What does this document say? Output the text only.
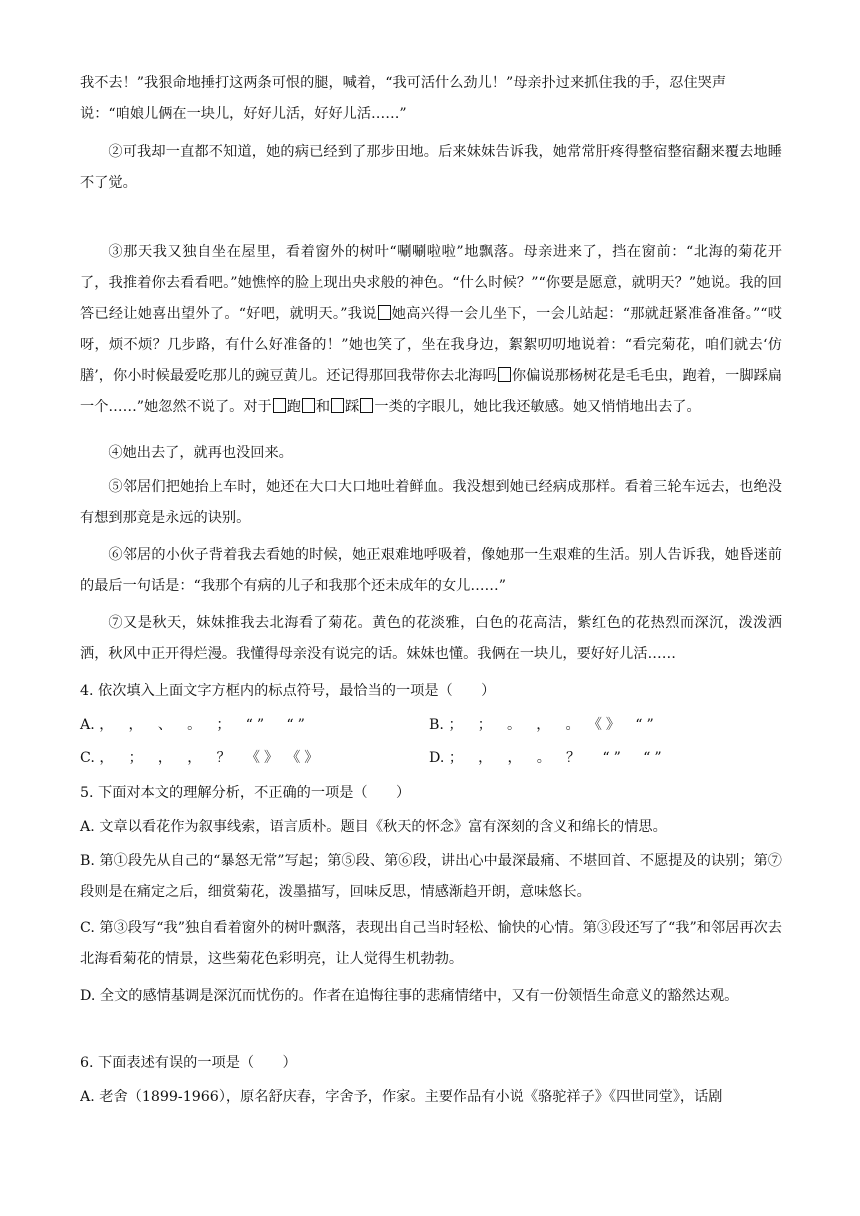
我不去！”我狠命地捶打这两条可恨的腿，喊着，“我可活什么劲儿！”母亲扑过来抓住我的手，忍住哭声
说：“咱娘儿俩在一块儿，好好儿活，好好儿活……”

②可我却一直都不知道，她的病已经到了那步田地。后来妹妹告诉我，她常常肝疼得整宿整宿翻来覆去地睡不了觉。

③那天我又独自坐在屋里，看着窗外的树叶“唰唰啦啦”地飘落。母亲进来了，挡在窗前：“北海的菊花开了，我推着你去看看吧。”她憔悴的脸上现出央求般的神色。“什么时候？”“你要是愿意，就明天？”她说。我的回答已经让她喜出望外了。“好吧，就明天。”我说 她高兴得一会儿坐下，一会儿站起：“那就赶紧准备准备。”“哎呀，烦不烦？几步路，有什么好准备的！”她也笑了，坐在我身边，絮絮叨叨地说着：“看完菊花，咱们就去‘仿膳’，你小时候最爱吃那儿的豌豆黄儿。还记得那回我带你去北海吗 你偏说那杨树花是毛毛虫，跑着，一脚踩扁一个……”她忽然不说了。对于 跑 和 踩 一类的字眼儿，她比我还敏感。她又悄悄地出去了。

④她出去了，就再也没回来。

⑤邻居们把她抬上车时，她还在大口大口地吐着鲜血。我没想到她已经病成那样。看着三轮车远去，也绝没有想到那竟是永远的诀别。

⑥邻居的小伙子背着我去看她的时候，她正艰难地呼吸着，像她那一生艰难的生活。别人告诉我，她昏迷前的最后一句话是：“我那个有病的儿子和我那个还未成年的女儿……”

⑦又是秋天，妹妹推我去北海看了菊花。黄色的花淡雅，白色的花高洁，紫红色的花热烈而深沉，泼泼洒洒，秋风中正开得烂漫。我懂得母亲没有说完的话。妹妹也懂。我俩在一块儿，要好好儿活……

4. 依次填入上面文字方框内的标点符号，最恰当的一项是（　　）

A. ，　，　、　。　；　“”　“”	B. ；　；　。　，　。　《》　“”

C. ，　；　，　，　？　《》　《》	D. ；　，　，　。　？　“”　“”

5. 下面对本文的理解分析，不正确的一项是（　　）

A. 文章以看花作为叙事线索，语言质朴。题目《秋天的怀念》富有深刻的含义和绵长的情思。

B. 第①段先从自己的“暴怒无常”写起；第⑤段、第⑥段，讲出心中最深最痛、不堪回首、不愿提及的诀别；第⑦段则是在痛定之后，细赏菊花，泼墨描写，回味反思，情感渐趋开朗，意味悠长。

C. 第③段写“我”独自看着窗外的树叶飘落，表现出自己当时轻松、愉快的心情。第③段还写了“我”和邻居再次去北海看菊花的情景，这些菊花色彩明亮，让人觉得生机勃勃。

D. 全文的感情基调是深沉而忧伤的。作者在追悔往事的悲痛情绪中，又有一份领悟生命意义的豁然达观。

6. 下面表述有误的一项是（　　）

A. 老舍（1899-1966），原名舒庆春，字舍予，作家。主要作品有小说《骆驼祥子》《四世同堂》，话剧
